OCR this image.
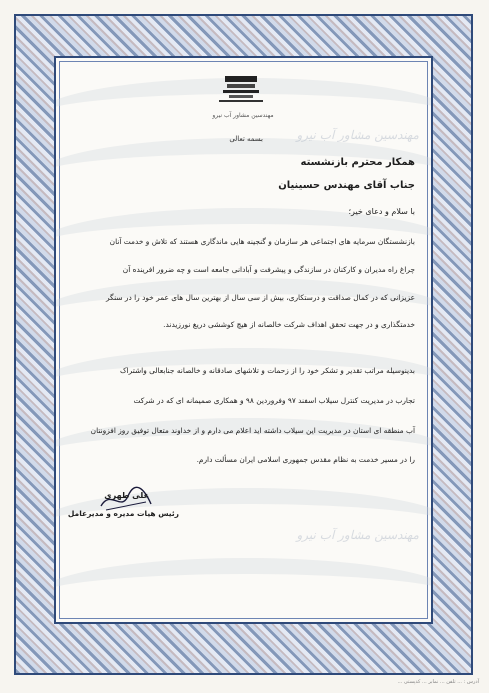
مهندسین مشاور آب نیرو
مهندسین مشاور آب نیرو
مهندسین مشاور آب نیرو
بسمه تعالی
همکار محترم بازنشسته
جناب آقای مهندس حسینیان
با سلام و دعای خیر؛
بازنشستگان سرمایه های اجتماعی هر سازمان و گنجینه هایی ماندگاری هستند که تلاش و خدمت آنان
چراغ راه مدیران و کارکنان در سازندگی و پیشرفت و آبادانی جامعه است و چه ضرور افرینده آن
عزیزانی که در کمال صداقت و درستکاری، بیش از سی سال از بهترین سال های عمر خود را در سنگر
خدمتگذاری و در جهت تحقق اهداف شرکت خالصانه از هیچ کوششی دریغ نورزیدند.
بدینوسیله مراتب تقدیر و تشکر خود را از زحمات و تلاشهای صادقانه و خالصانه جنابعالی واشتراک
تجارب در مدیریت کنترل سیلاب اسفند ۹۷ وفروردین ۹۸ و همکاری صمیمانه ای که در شرکت
آب منطقه ای استان در مدیریت این سیلاب داشته اید اعلام می دارم و از خداوند متعال توفیق روز افزونتان
را در مسیر خدمت به نظام مقدس جمهوری اسلامی ایران مسألت دارم.
علی طهری
رئیس هیات مدیره و مدیرعامل
آدرس : ... تلفن ... نمابر ... کدپستی ...
